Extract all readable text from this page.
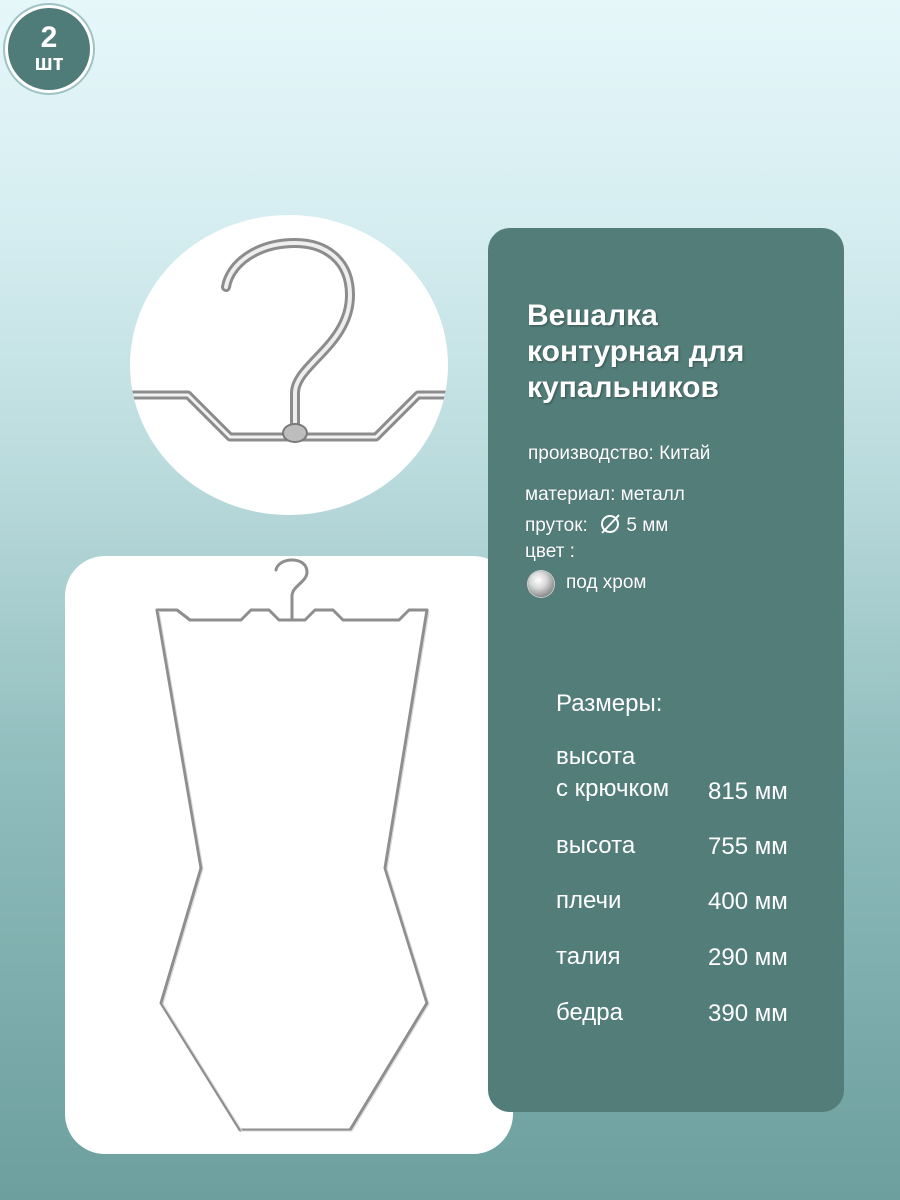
2
шт
Вешалка
контурная для
купальников
производство: Китай
материал: металл
пруток: 5 мм
цвет :
под хром
Размеры:
высота
с крючком 815 мм
высота	755 мм
плечи	400 мм
талия	290 мм
бедра	390 мм
